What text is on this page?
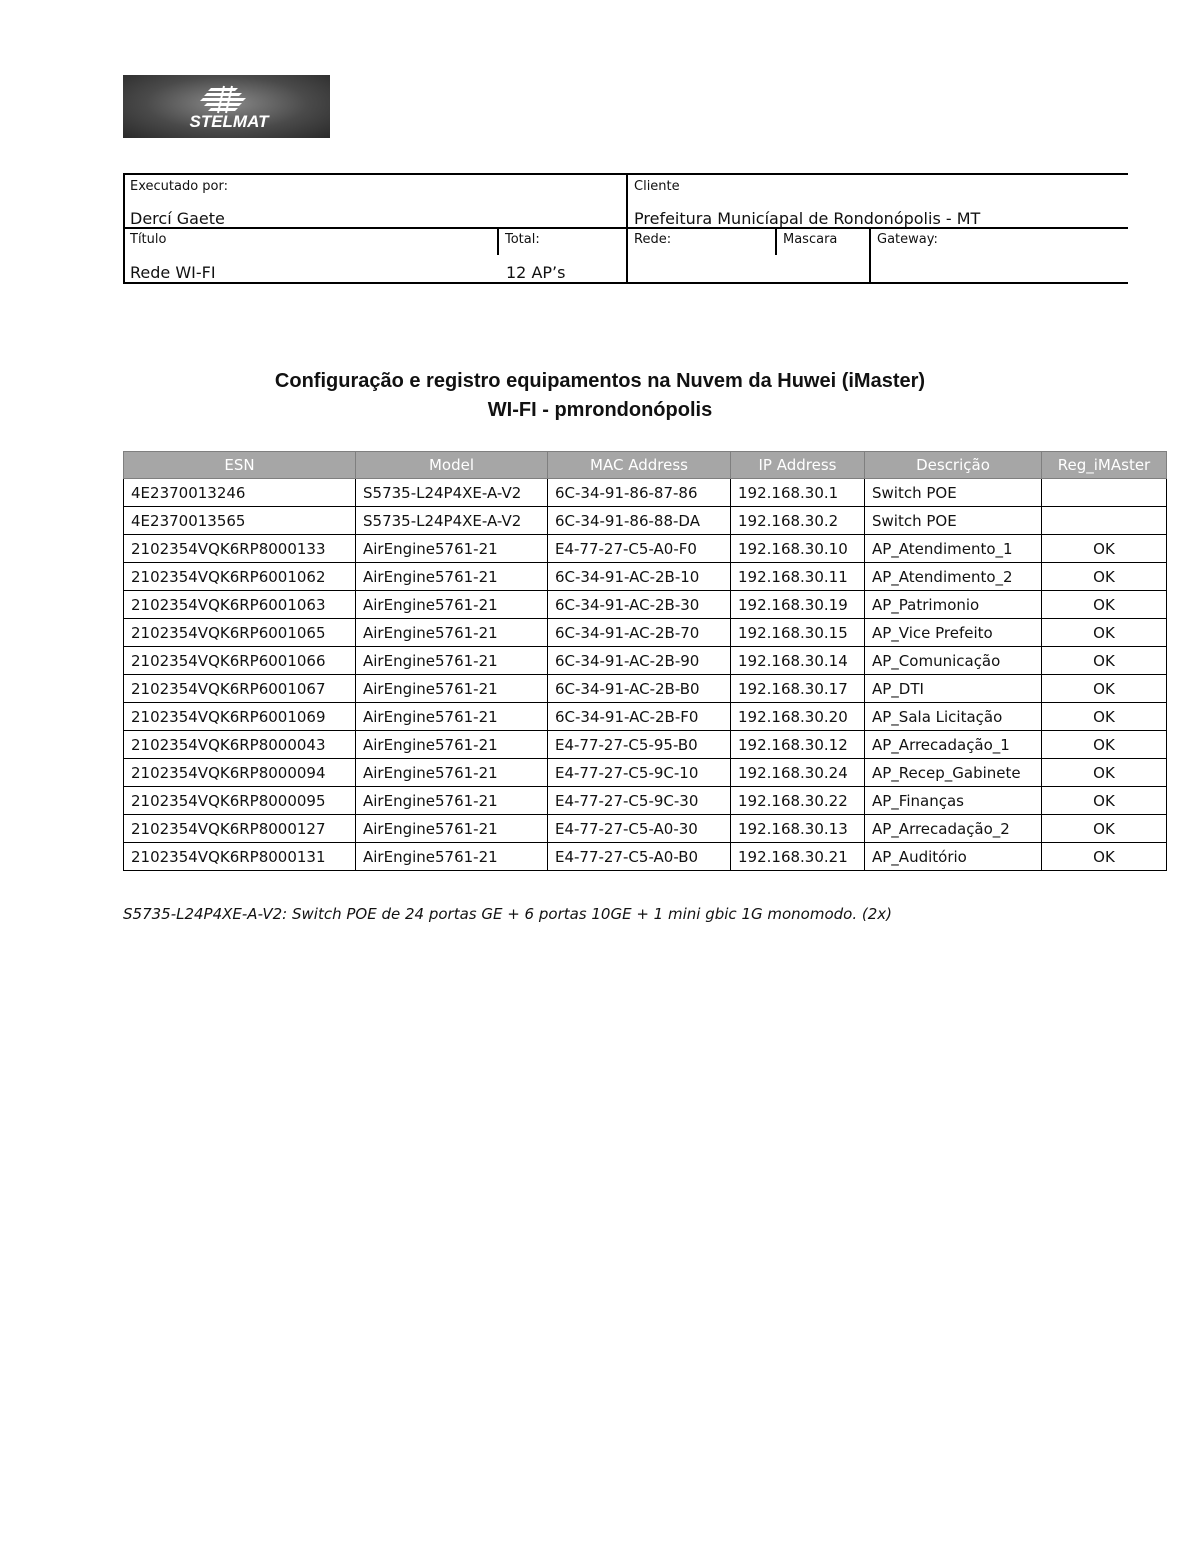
STELMAT
Executado por:
Dercí Gaete
Cliente
Prefeitura Municíapal de Rondonópolis - MT
Título
Rede WI-FI
Total:
12 AP’s
Rede:	Mascara	Gateway:
Configuração e registro equipamentos na Nuvem da Huwei (iMaster)
WI-FI - pmrondonópolis
ESN	Model	MAC Address	IP Address	Descrição	Reg_iMAster
4E2370013246	S5735-L24P4XE-A-V2	6C-34-91-86-87-86	192.168.30.1	Switch POE	
4E2370013565	S5735-L24P4XE-A-V2	6C-34-91-86-88-DA	192.168.30.2	Switch POE	
2102354VQK6RP8000133	AirEngine5761-21	E4-77-27-C5-A0-F0	192.168.30.10	AP_Atendimento_1	OK
2102354VQK6RP6001062	AirEngine5761-21	6C-34-91-AC-2B-10	192.168.30.11	AP_Atendimento_2	OK
2102354VQK6RP6001063	AirEngine5761-21	6C-34-91-AC-2B-30	192.168.30.19	AP_Patrimonio	OK
2102354VQK6RP6001065	AirEngine5761-21	6C-34-91-AC-2B-70	192.168.30.15	AP_Vice Prefeito	OK
2102354VQK6RP6001066	AirEngine5761-21	6C-34-91-AC-2B-90	192.168.30.14	AP_Comunicação	OK
2102354VQK6RP6001067	AirEngine5761-21	6C-34-91-AC-2B-B0	192.168.30.17	AP_DTI	OK
2102354VQK6RP6001069	AirEngine5761-21	6C-34-91-AC-2B-F0	192.168.30.20	AP_Sala Licitação	OK
2102354VQK6RP8000043	AirEngine5761-21	E4-77-27-C5-95-B0	192.168.30.12	AP_Arrecadação_1	OK
2102354VQK6RP8000094	AirEngine5761-21	E4-77-27-C5-9C-10	192.168.30.24	AP_Recep_Gabinete	OK
2102354VQK6RP8000095	AirEngine5761-21	E4-77-27-C5-9C-30	192.168.30.22	AP_Finanças	OK
2102354VQK6RP8000127	AirEngine5761-21	E4-77-27-C5-A0-30	192.168.30.13	AP_Arrecadação_2	OK
2102354VQK6RP8000131	AirEngine5761-21	E4-77-27-C5-A0-B0	192.168.30.21	AP_Auditório	OK
S5735-L24P4XE-A-V2: Switch POE de 24 portas GE + 6 portas 10GE + 1 mini gbic 1G monomodo. (2x)
